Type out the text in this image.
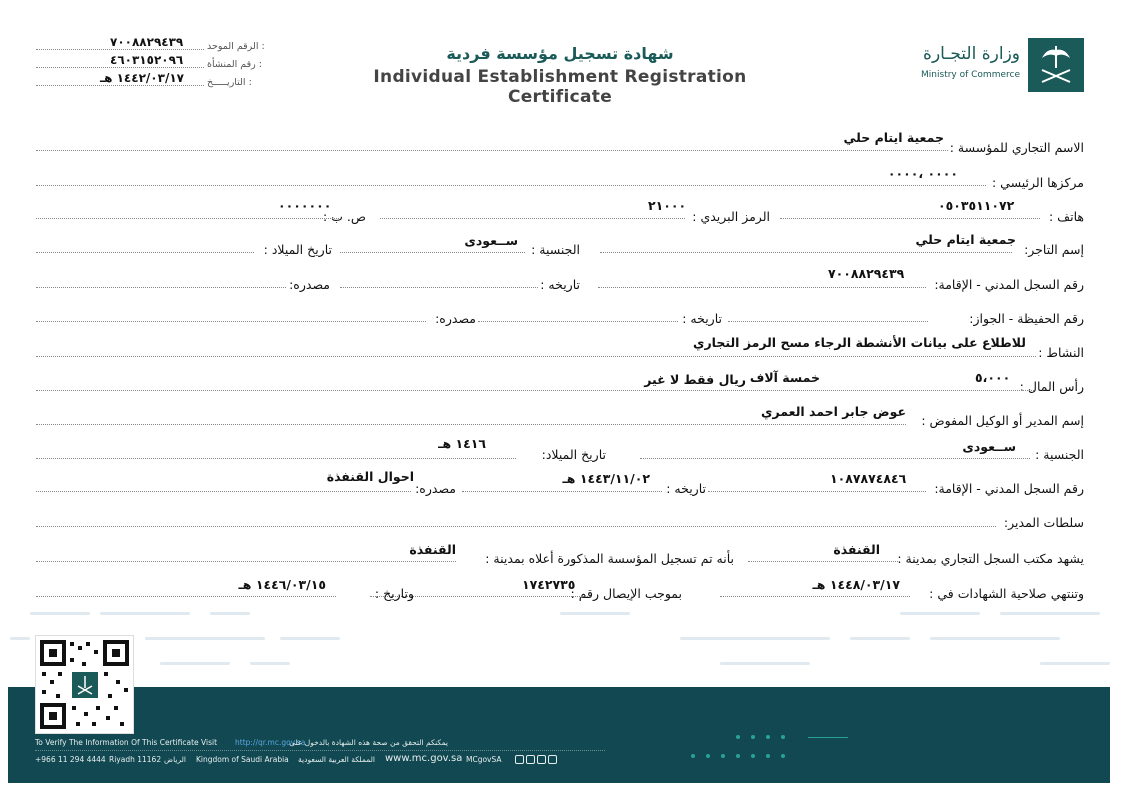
الرقم الموحد :
٧٠٠٨٨٢٩٤٣٩
رقم المنشأة :
٤٦٠٣١٥٢٠٩٦
التاريـــــخ :
١٤٤٢/٠٣/١٧ هـ
شهادة تسجيل مؤسسة فردية
Individual Establishment Registration Certificate
وزارة التجـارة
Ministry of Commerce
الاسم التجاري للمؤسسة :
جمعية ايتام حلي
مركزها الرئيسي :
٠٠٠٠ ،٠٠٠٠
هاتف :
٠٥٠٣٥١١٠٧٢
الرمز البريدي :
٢١٠٠٠
ص. ب :
٠٠٠٠٠٠٠
إسم التاجر:
جمعية ايتام حلي
الجنسية :
ســعودى
تاريخ الميلاد :
رقم السجل المدني - الإقامة:
٧٠٠٨٨٢٩٤٣٩
تاريخه :
مصدره:
رقم الحفيظة - الجواز:
تاريخه :
مصدره:
النشاط :
للاطلاع على بيانات الأنشطة الرجاء مسح الرمز التجاري
رأس المال :
٥،٠٠٠
خمسة آلاف
ريال فقط لا غير
إسم المدير أو الوكيل المفوض :
عوض جابر احمد العمري
الجنسية :
ســعودى
تاريخ الميلاد:
١٤١٦ هـ
رقم السجل المدني - الإقامة:
١٠٨٧٨٧٤٨٤٦
تاريخه :
١٤٤٣/١١/٠٢ هـ
مصدره:
احوال القنفذة
سلطات المدير:
يشهد مكتب السجل التجاري بمدينة :
القنفذة
بأنه تم تسجيل المؤسسة المذكورة أعلاه بمدينة :
القنفذة
وتنتهي صلاحية الشهادات في :
١٤٤٨/٠٣/١٧ هـ
بموجب الإيصال رقم :
١٧٤٢٧٣٥
وتاريخ :
١٤٤٦/٠٣/١٥ هـ
To Verify The Information Of This Certificate Visit http://qr.mc.gov.sa
يمكنكم التحقق من صحة هذه الشهادة بالدخول على
+966 11 294 4444 Riyadh 11162 الرياض Kingdom of Saudi Arabia المملكة العربية السعودية www.mc.gov.sa MCgovSA
